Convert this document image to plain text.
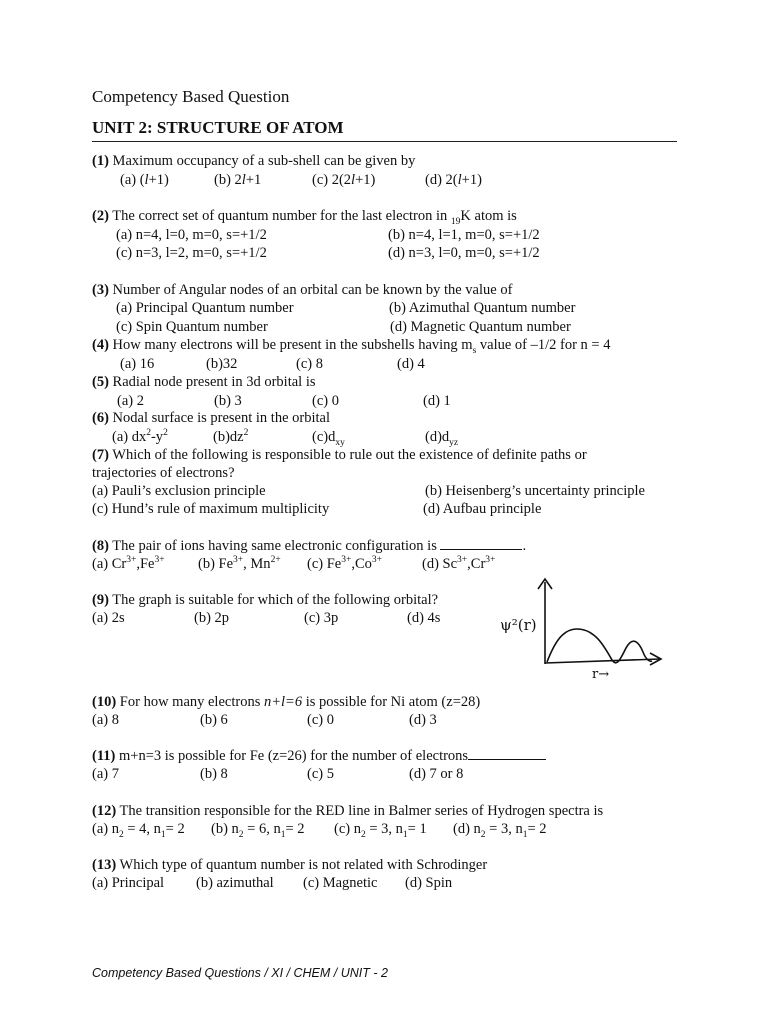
Competency Based Question
UNIT 2: STRUCTURE OF ATOM
(1) Maximum occupancy of a sub-shell can be given by
(a) (l+1)	(b) 2l+1	(c) 2(2l+1)	(d) 2(l+1)
(2) The correct set of quantum number for the last electron in $_{19}$K atom is
(a) n=4, l=0, m=0, s=+1/2	(b) n=4, l=1, m=0, s=+1/2
(c) n=3, l=2, m=0, s=+1/2	(d) n=3, l=0, m=0, s=+1/2
(3) Number of Angular nodes of an orbital can be known by the value of
(a) Principal Quantum number	(b) Azimuthal Quantum number
(c) Spin Quantum number	(d) Magnetic Quantum number
(4) How many electrons will be present in the subshells having $m_s$ value of –1/2 for n = 4
(a) 16	(b)32	(c) 8	(d) 4
(5) Radial node present in 3d orbital is
(a) 2	(b) 3	(c) 0	(d) 1
(6) Nodal surface is present in the orbital
(a) $dx^2-y^2$	$(b)dz^2$	$(c)d_{xy}$	$(d)d_{yz}$
(7) Which of the following is responsible to rule out the existence of definite paths or
trajectories of electrons?
(a) Pauli’s exclusion principle	(b) Heisenberg’s uncertainty principle
(c) Hund’s rule of maximum multiplicity	(d) Aufbau principle
(8) The pair of ions having same electronic configuration is	.
(a) $Cr^{3+},Fe^{3+}$ (b) $Fe^{3+}$, $Mn^{2+}$ (c) $Fe^{3+},Co^{3+}$	(d) $Sc^{3+},Cr^{3+}$
(9) The graph is suitable for which of the following orbital?
(a) 2s	(b) 2p	(c) 3p	(d) 4s	ψ²(r)
r→
(10) For how many electrons n+l=6 is possible for Ni atom (z=28)
(a) 8	(b) 6	(c) 0	(d) 3
(11) m+n=3 is possible for Fe (z=26) for the number of electrons
(a) 7	(b) 8	(c) 5	(d) 7 or 8
(12) The transition responsible for the RED line in Balmer series of Hydrogen spectra is
(a) $n_2 = 4$, $n_1= 2$ (b) $n_2 = 6$, $n_1= 2$ (c) $n_2 = 3$, $n_1= 1$ (d) $n_2 = 3$, $n_1= 2$
(13) Which type of quantum number is not related with Schrodinger
(a) Principal (b) azimuthal (c) Magnetic (d) Spin
Competency Based Questions / XI / CHEM / UNIT - 2
